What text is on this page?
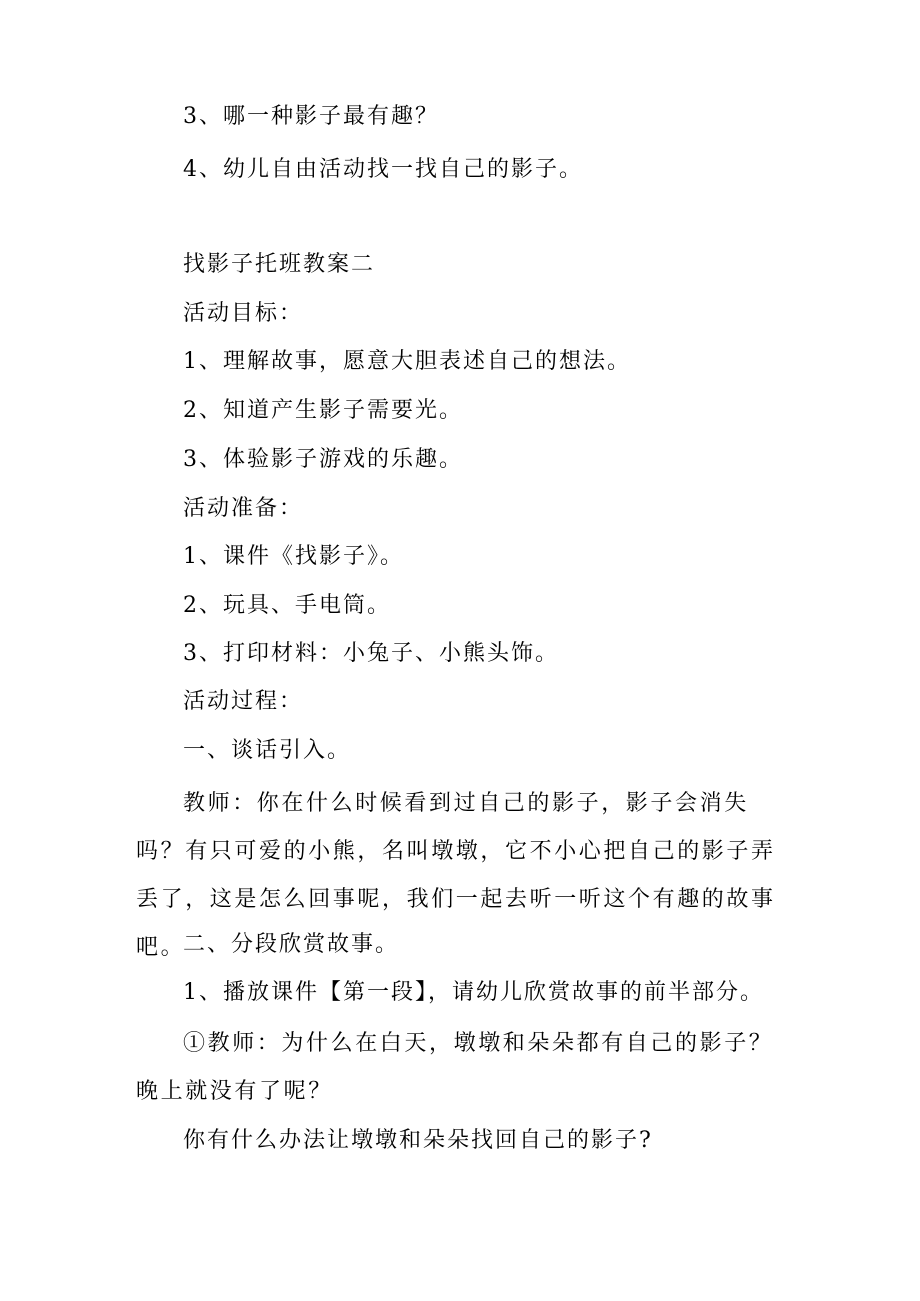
3、哪一种影子最有趣？
4、幼儿自由活动找一找自己的影子。
找影子托班教案二
活动目标：
1、理解故事，愿意大胆表述自己的想法。
2、知道产生影子需要光。
3、体验影子游戏的乐趣。
活动准备：
1、课件《找影子》。
2、玩具、手电筒。
3、打印材料：小兔子、小熊头饰。
活动过程：
一、谈话引入。
教师：你在什么时候看到过自己的影子，影子会消失吗？有只可爱的小熊，名叫墩墩，它不小心把自己的影子弄丢了，这是怎么回事呢，我们一起去听一听这个有趣的故事吧。
二、分段欣赏故事。
1、播放课件【第一段】，请幼儿欣赏故事的前半部分。
①教师：为什么在白天，墩墩和朵朵都有自己的影子？晚上就没有了呢？
你有什么办法让墩墩和朵朵找回自己的影子?
